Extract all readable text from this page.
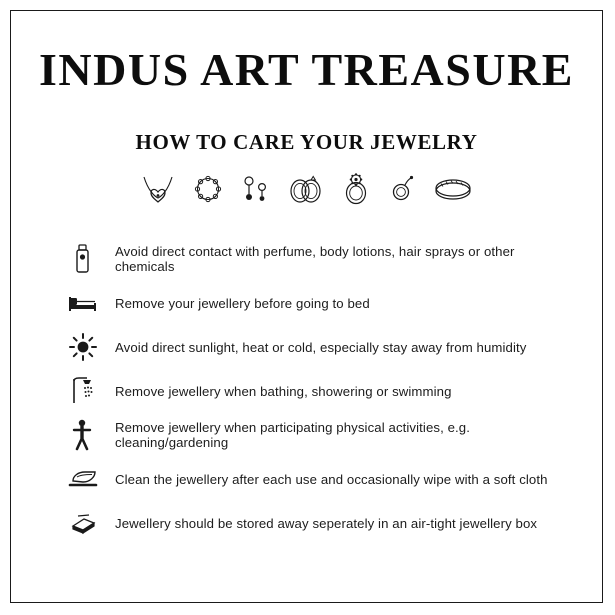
INDUS ART TREASURE
HOW TO CARE YOUR JEWELRY
Avoid direct contact with perfume, body lotions, hair sprays or other chemicals
Remove your jewellery before going to bed
Avoid direct sunlight, heat or cold, especially stay away from humidity
Remove jewellery when bathing, showering or swimming
Remove jewellery when participating physical activities, e.g. cleaning/gardening
Clean the jewellery after each use and occasionally wipe with a soft cloth
Jewellery should be stored away seperately in an air-tight jewellery box
